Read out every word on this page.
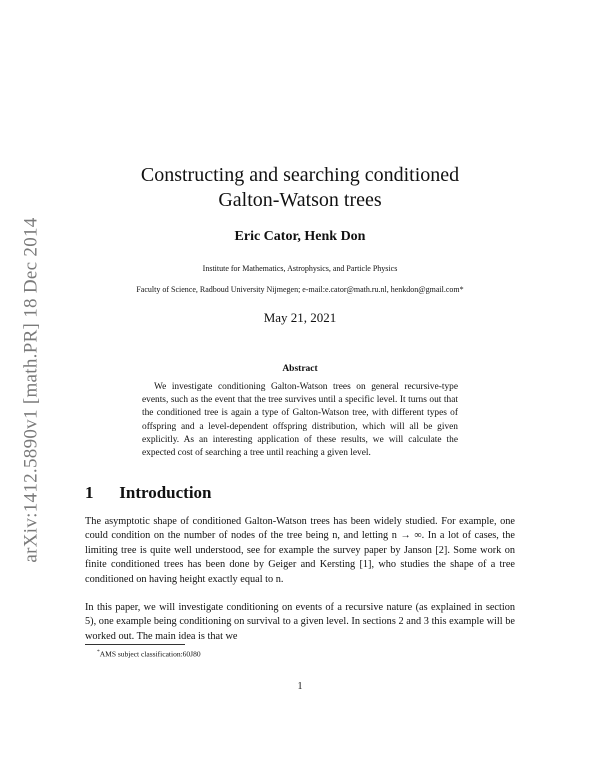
arXiv:1412.5890v1 [math.PR] 18 Dec 2014
Constructing and searching conditioned
Galton-Watson trees
Eric Cator, Henk Don
Institute for Mathematics, Astrophysics, and Particle Physics
Faculty of Science, Radboud University Nijmegen; e-mail:e.cator@math.ru.nl, henkdon@gmail.com*
May 21, 2021
Abstract

We investigate conditioning Galton-Watson trees on general recursive-type events, such as the event that the tree survives until a specific level. It turns out that the conditioned tree is again a type of Galton-Watson tree, with different types of offspring and a level-dependent offspring distribution, which will all be given explicitly. As an interesting application of these results, we will calculate the expected cost of searching a tree until reaching a given level.

1 Introduction

The asymptotic shape of conditioned Galton-Watson trees has been widely studied. For example, one could condition on the number of nodes of the tree being n, and letting n → ∞. In a lot of cases, the limiting tree is quite well understood, see for example the survey paper by Janson [2]. Some work on finite conditioned trees has been done by Geiger and Kersting [1], who studies the shape of a tree conditioned on having height exactly equal to n.

In this paper, we will investigate conditioning on events of a recursive nature (as explained in section 5), one example being conditioning on survival to a given level. In sections 2 and 3 this example will be worked out. The main idea is that we

*AMS subject classification:60J80
1
